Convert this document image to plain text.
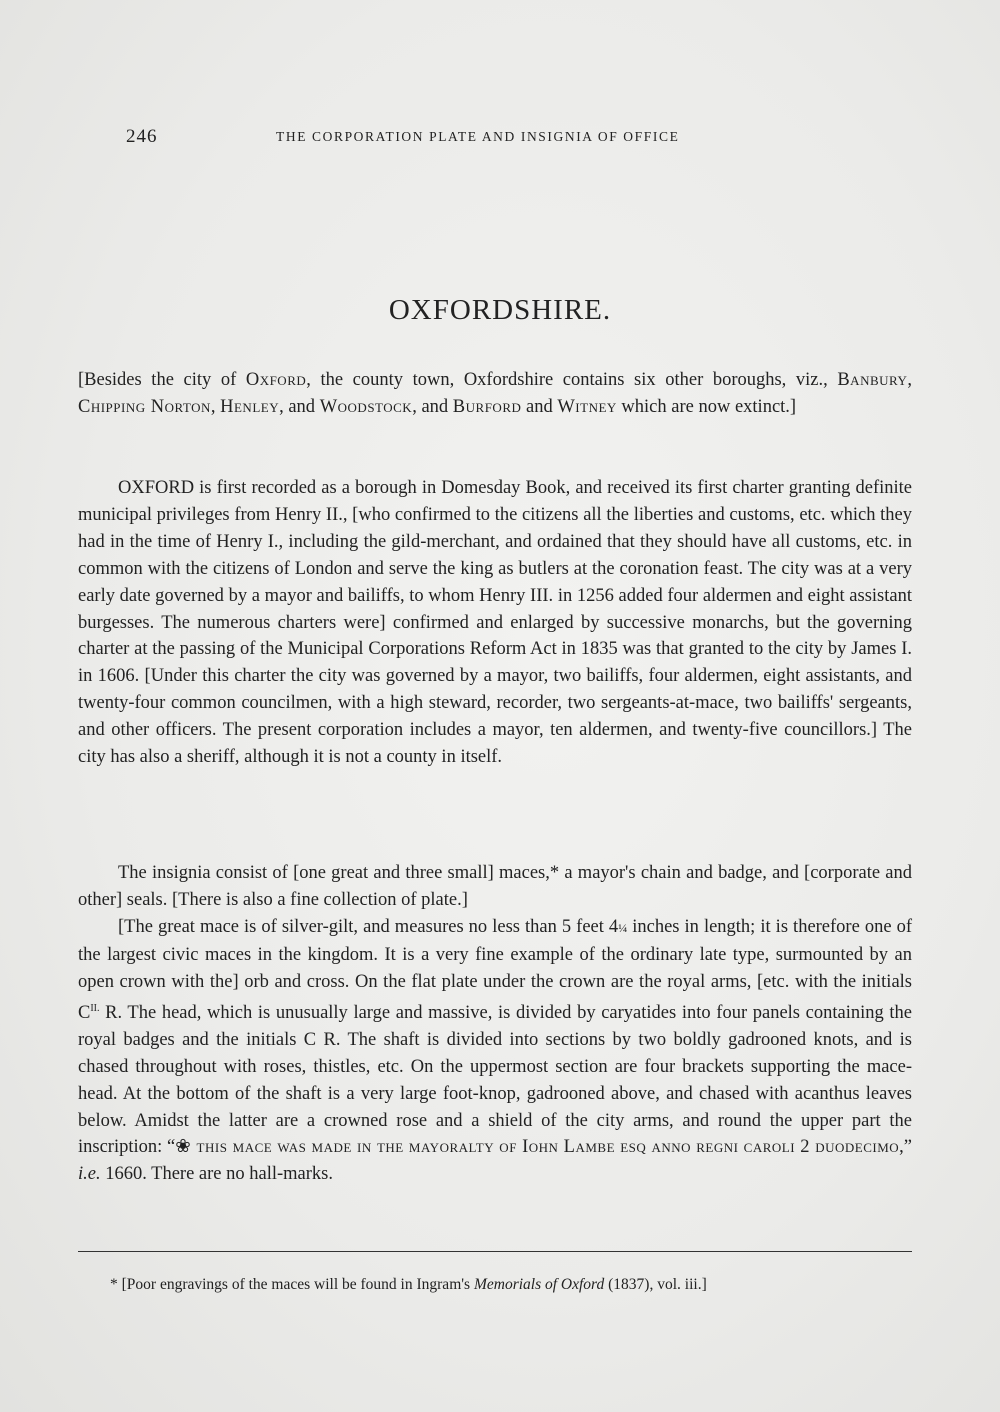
246	THE CORPORATION PLATE AND INSIGNIA OF OFFICE
OXFORDSHIRE.
[Besides the city of Oxford, the county town, Oxfordshire contains six other boroughs, viz., Banbury, Chipping Norton, Henley, and Woodstock, and Burford and Witney which are now extinct.]
OXFORD is first recorded as a borough in Domesday Book, and received its first charter granting definite municipal privileges from Henry II., [who confirmed to the citizens all the liberties and customs, etc. which they had in the time of Henry I., including the gild-merchant, and ordained that they should have all customs, etc. in common with the citizens of London and serve the king as butlers at the coronation feast. The city was at a very early date governed by a mayor and bailiffs, to whom Henry III. in 1256 added four aldermen and eight assistant burgesses. The numerous charters were] confirmed and enlarged by successive monarchs, but the governing charter at the passing of the Municipal Corporations Reform Act in 1835 was that granted to the city by James I. in 1606. [Under this charter the city was governed by a mayor, two bailiffs, four aldermen, eight assistants, and twenty-four common councilmen, with a high steward, recorder, two sergeants-at-mace, two bailiffs' sergeants, and other officers. The present corporation includes a mayor, ten aldermen, and twenty-five councillors.] The city has also a sheriff, although it is not a county in itself.
The insignia consist of [one great and three small] maces,* a mayor's chain and badge, and [corporate and other] seals. [There is also a fine collection of plate.]
[The great mace is of silver-gilt, and measures no less than 5 feet 4¼ inches in length; it is therefore one of the largest civic maces in the kingdom. It is a very fine example of the ordinary late type, surmounted by an open crown with the] orb and cross. On the flat plate under the crown are the royal arms, [etc. with the initials $C^{II.}$ R. The head, which is unusually large and massive, is divided by caryatides into four panels containing the royal badges and the initials C R. The shaft is divided into sections by two boldly gadrooned knots, and is chased throughout with roses, thistles, etc. On the uppermost section are four brackets supporting the mace-head. At the bottom of the shaft is a very large foot-knop, gadrooned above, and chased with acanthus leaves below. Amidst the latter are a crowned rose and a shield of the city arms, and round the upper part the inscription: “❀ this mace was made in the mayoralty of Iohn Lambe esq anno regni caroli 2 duodecimo,” i.e. 1660. There are no hall-marks.
* [Poor engravings of the maces will be found in Ingram's Memorials of Oxford (1837), vol. iii.]
